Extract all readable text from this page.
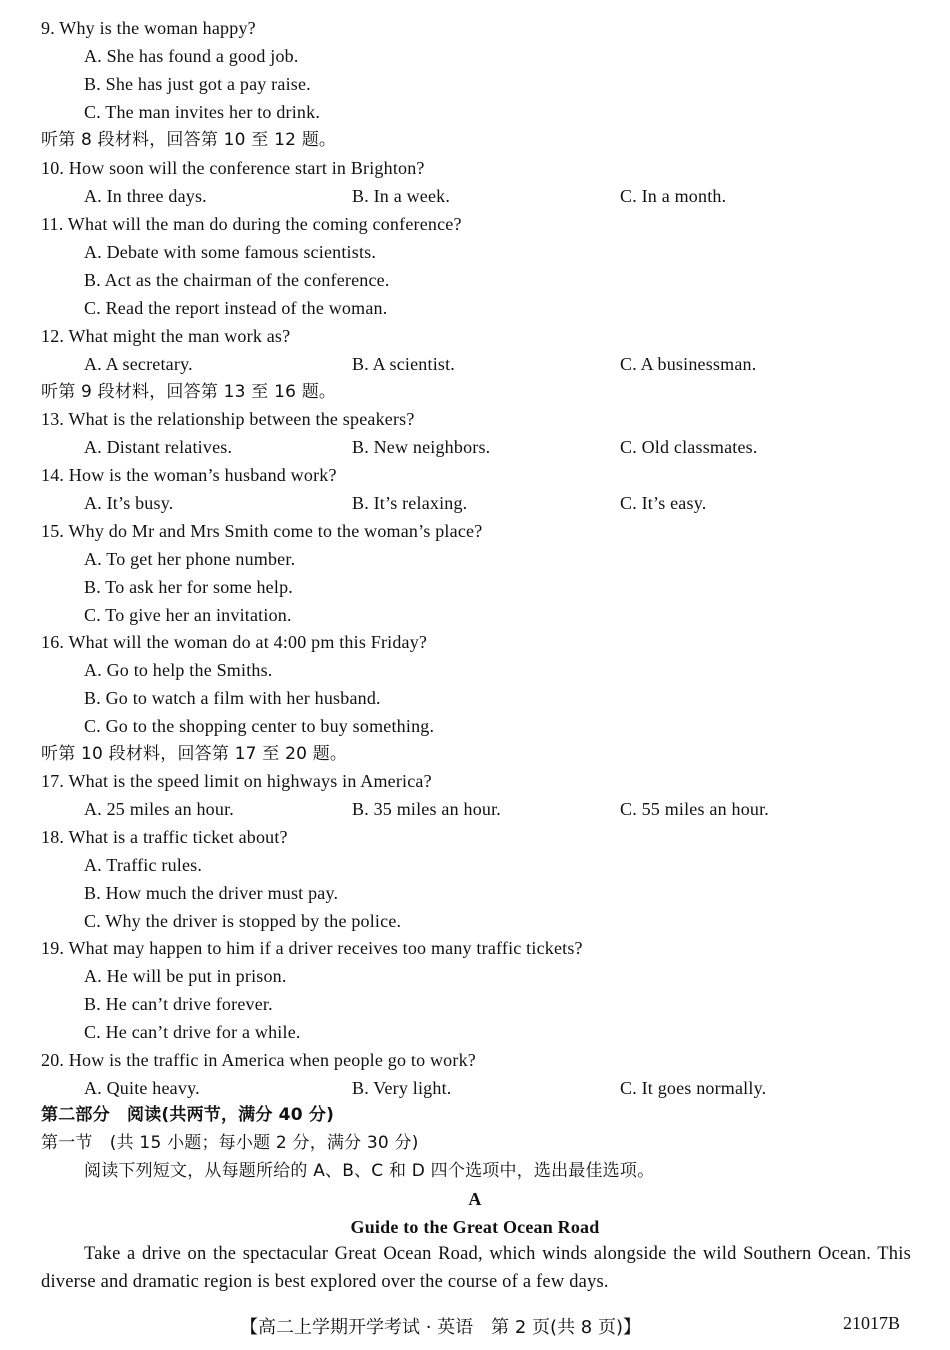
9. Why is the woman happy?
A. She has found a good job.
B. She has just got a pay raise.
C. The man invites her to drink.
听第 8 段材料，回答第 10 至 12 题。
10. How soon will the conference start in Brighton?
A. In three days.	B. In a week.	C. In a month.
11. What will the man do during the coming conference?
A. Debate with some famous scientists.
B. Act as the chairman of the conference.
C. Read the report instead of the woman.
12. What might the man work as?
A. A secretary.	B. A scientist.	C. A businessman.
听第 9 段材料，回答第 13 至 16 题。
13. What is the relationship between the speakers?
A. Distant relatives.	B. New neighbors.	C. Old classmates.
14. How is the woman’s husband work?
A. It’s busy.	B. It’s relaxing.	C. It’s easy.
15. Why do Mr and Mrs Smith come to the woman’s place?
A. To get her phone number.
B. To ask her for some help.
C. To give her an invitation.
16. What will the woman do at 4:00 pm this Friday?
A. Go to help the Smiths.
B. Go to watch a film with her husband.
C. Go to the shopping center to buy something.
听第 10 段材料，回答第 17 至 20 题。
17. What is the speed limit on highways in America?
A. 25 miles an hour.	B. 35 miles an hour.	C. 55 miles an hour.
18. What is a traffic ticket about?
A. Traffic rules.
B. How much the driver must pay.
C. Why the driver is stopped by the police.
19. What may happen to him if a driver receives too many traffic tickets?
A. He will be put in prison.
B. He can’t drive forever.
C. He can’t drive for a while.
20. How is the traffic in America when people go to work?
A. Quite heavy.	B. Very light.	C. It goes normally.
第二部分　阅读(共两节，满分 40 分)
第一节　(共 15 小题；每小题 2 分，满分 30 分)
阅读下列短文，从每题所给的 A、B、C 和 D 四个选项中，选出最佳选项。
A
Guide to the Great Ocean Road
Take a drive on the spectacular Great Ocean Road, which winds alongside the wild Southern Ocean. This diverse and dramatic region is best explored over the course of a few days.
【高二上学期开学考试 · 英语　第 2 页(共 8 页)】	21017B
